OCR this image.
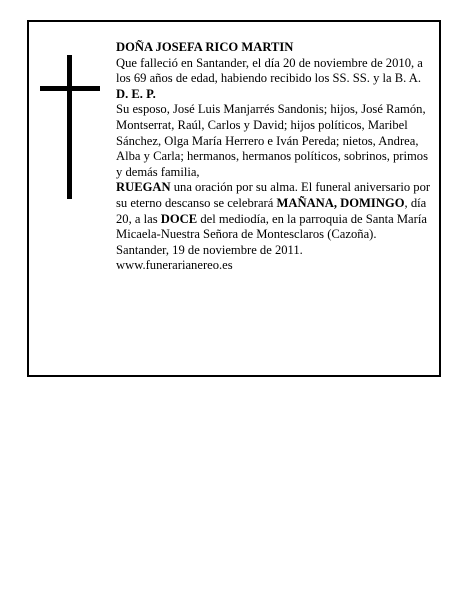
DOÑA JOSEFA RICO MARTIN

Que falleció en Santander, el día 20 de noviembre de 2010, a los 69 años de edad, habiendo recibido los SS. SS. y la B. A.

D. E. P.

Su esposo, José Luis Manjarrés Sandonis; hijos, José Ramón, Montserrat, Raúl, Carlos y David; hijos políticos, Maribel Sánchez, Olga María Herrero e Iván Pereda; nietos, Andrea, Alba y Carla; hermanos, hermanos políticos, sobrinos, primos y demás familia,
RUEGAN una oración por su alma. El funeral aniversario por su eterno descanso se celebrará MAÑANA, DOMINGO, día 20, a las DOCE del mediodía, en la parroquia de Santa María Micaela-Nuestra Señora de Montesclaros (Cazoña).

Santander, 19 de noviembre de 2011.

www.funerarianereo.es
